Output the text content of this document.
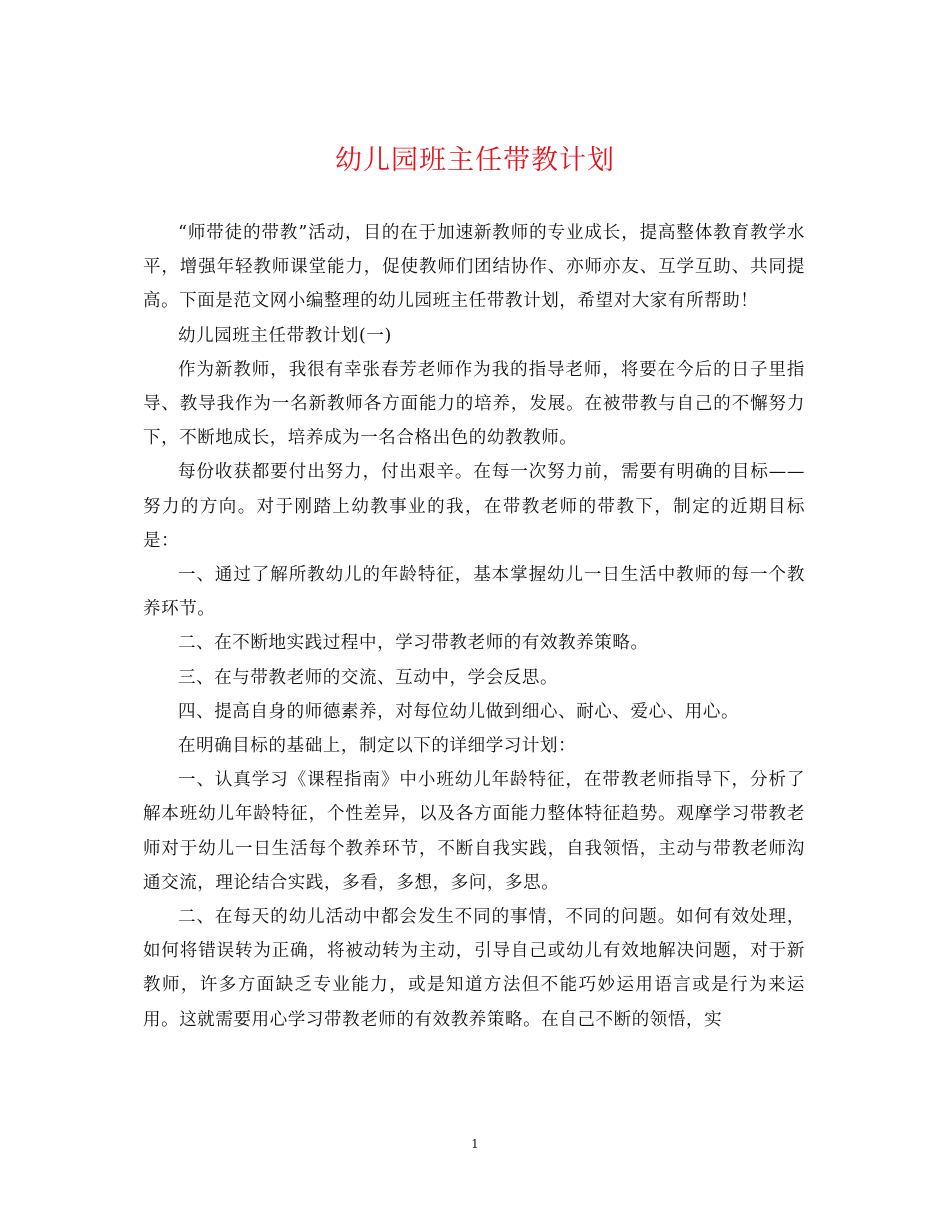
幼儿园班主任带教计划

“师带徒的带教”活动，目的在于加速新教师的专业成长，提高整体教育教学水平，增强年轻教师课堂能力，促使教师们团结协作、亦师亦友、互学互助、共同提高。下面是范文网小编整理的幼儿园班主任带教计划，希望对大家有所帮助！

幼儿园班主任带教计划(一)

作为新教师，我很有幸张春芳老师作为我的指导老师，将要在今后的日子里指导、教导我作为一名新教师各方面能力的培养，发展。在被带教与自己的不懈努力下，不断地成长，培养成为一名合格出色的幼教教师。

每份收获都要付出努力，付出艰辛。在每一次努力前，需要有明确的目标——努力的方向。对于刚踏上幼教事业的我，在带教老师的带教下，制定的近期目标是：

一、通过了解所教幼儿的年龄特征，基本掌握幼儿一日生活中教师的每一个教养环节。

二、在不断地实践过程中，学习带教老师的有效教养策略。

三、在与带教老师的交流、互动中，学会反思。

四、提高自身的师德素养，对每位幼儿做到细心、耐心、爱心、用心。

在明确目标的基础上，制定以下的详细学习计划：

一、认真学习《课程指南》中小班幼儿年龄特征，在带教老师指导下，分析了解本班幼儿年龄特征，个性差异，以及各方面能力整体特征趋势。观摩学习带教老师对于幼儿一日生活每个教养环节，不断自我实践，自我领悟，主动与带教老师沟通交流，理论结合实践，多看，多想，多问，多思。

二、在每天的幼儿活动中都会发生不同的事情，不同的问题。如何有效处理，如何将错误转为正确，将被动转为主动，引导自己或幼儿有效地解决问题，对于新教师，许多方面缺乏专业能力，或是知道方法但不能巧妙运用语言或是行为来运用。这就需要用心学习带教老师的有效教养策略。在自己不断的领悟，实

1
